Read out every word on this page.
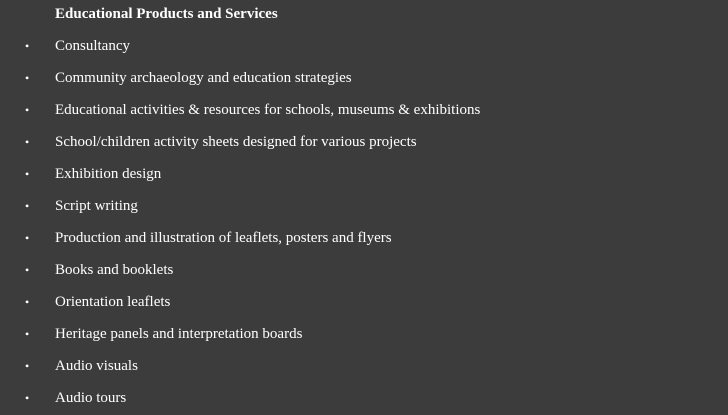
Educational Products and Services
• Consultancy
• Community archaeology and education strategies
• Educational activities & resources for schools, museums & exhibitions
• School/children activity sheets designed for various projects
• Exhibition design
• Script writing
• Production and illustration of leaflets, posters and flyers
• Books and booklets
• Orientation leaflets
• Heritage panels and interpretation boards
• Audio visuals
• Audio tours
